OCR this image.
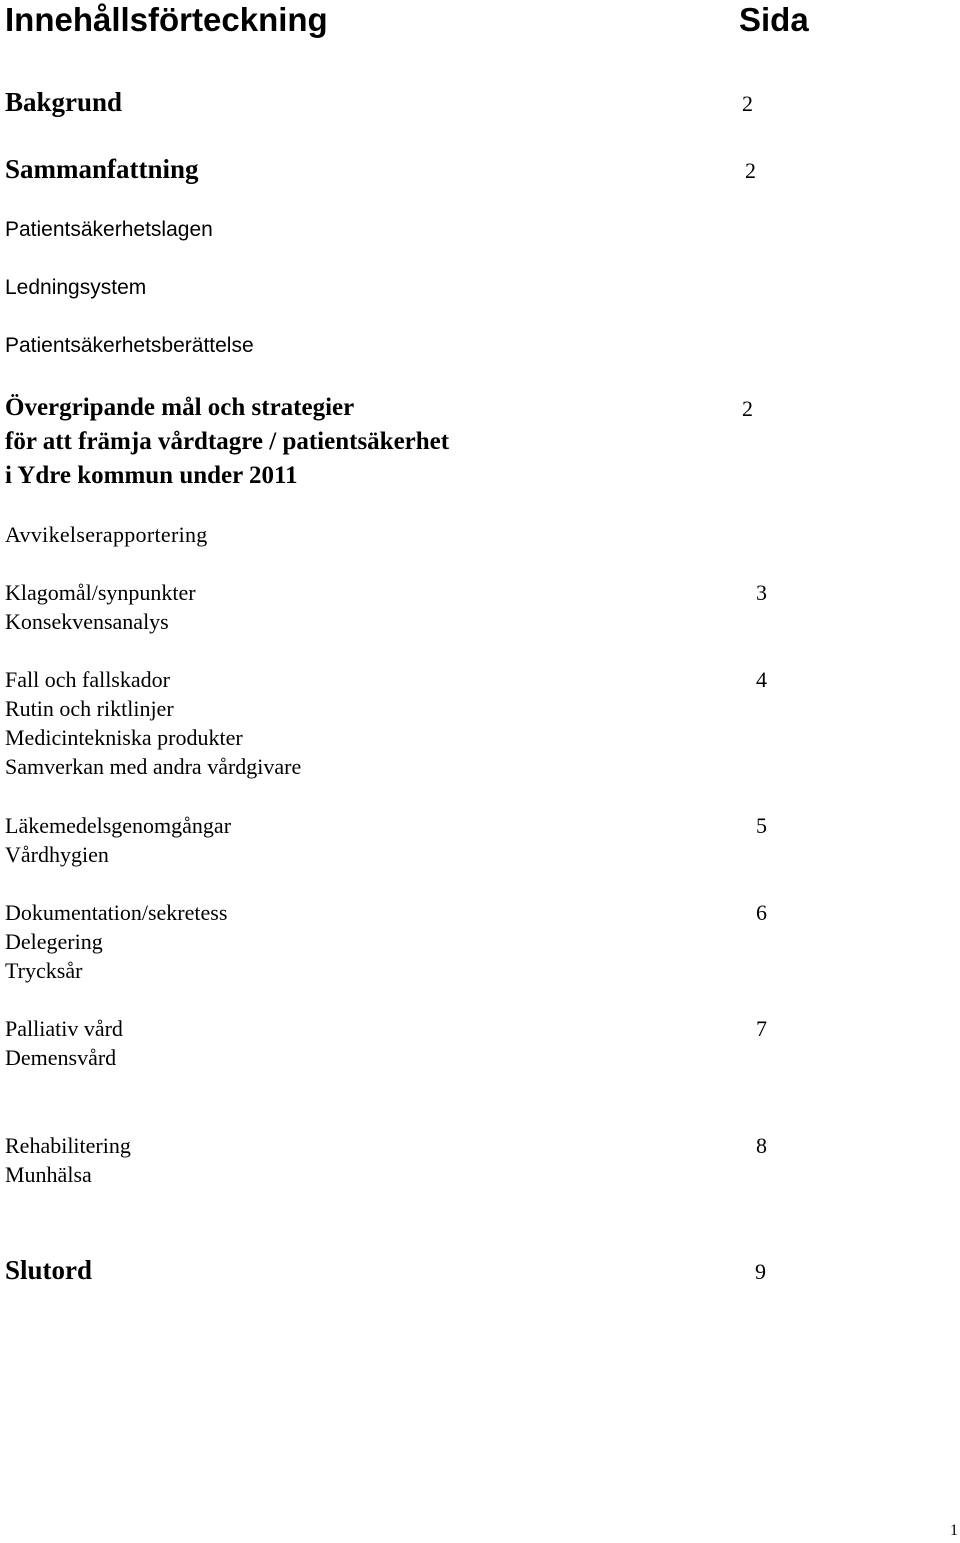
Innehållsförteckning	Sida
Bakgrund	2
Sammanfattning	2
Patientsäkerhetslagen
Ledningsystem
Patientsäkerhetsberättelse
Övergripande mål och strategier	2
för att främja vårdtagre / patientsäkerhet
i Ydre kommun under 2011
Avvikelserapportering
Klagomål/synpunkter	3
Konsekvensanalys
Fall och fallskador	4
Rutin och riktlinjer
Medicintekniska produkter
Samverkan med andra vårdgivare
Läkemedelsgenomgångar	5
Vårdhygien
Dokumentation/sekretess	6
Delegering
Trycksår
Palliativ vård	7
Demensvård
Rehabilitering	8
Munhälsa
Slutord	9
1
